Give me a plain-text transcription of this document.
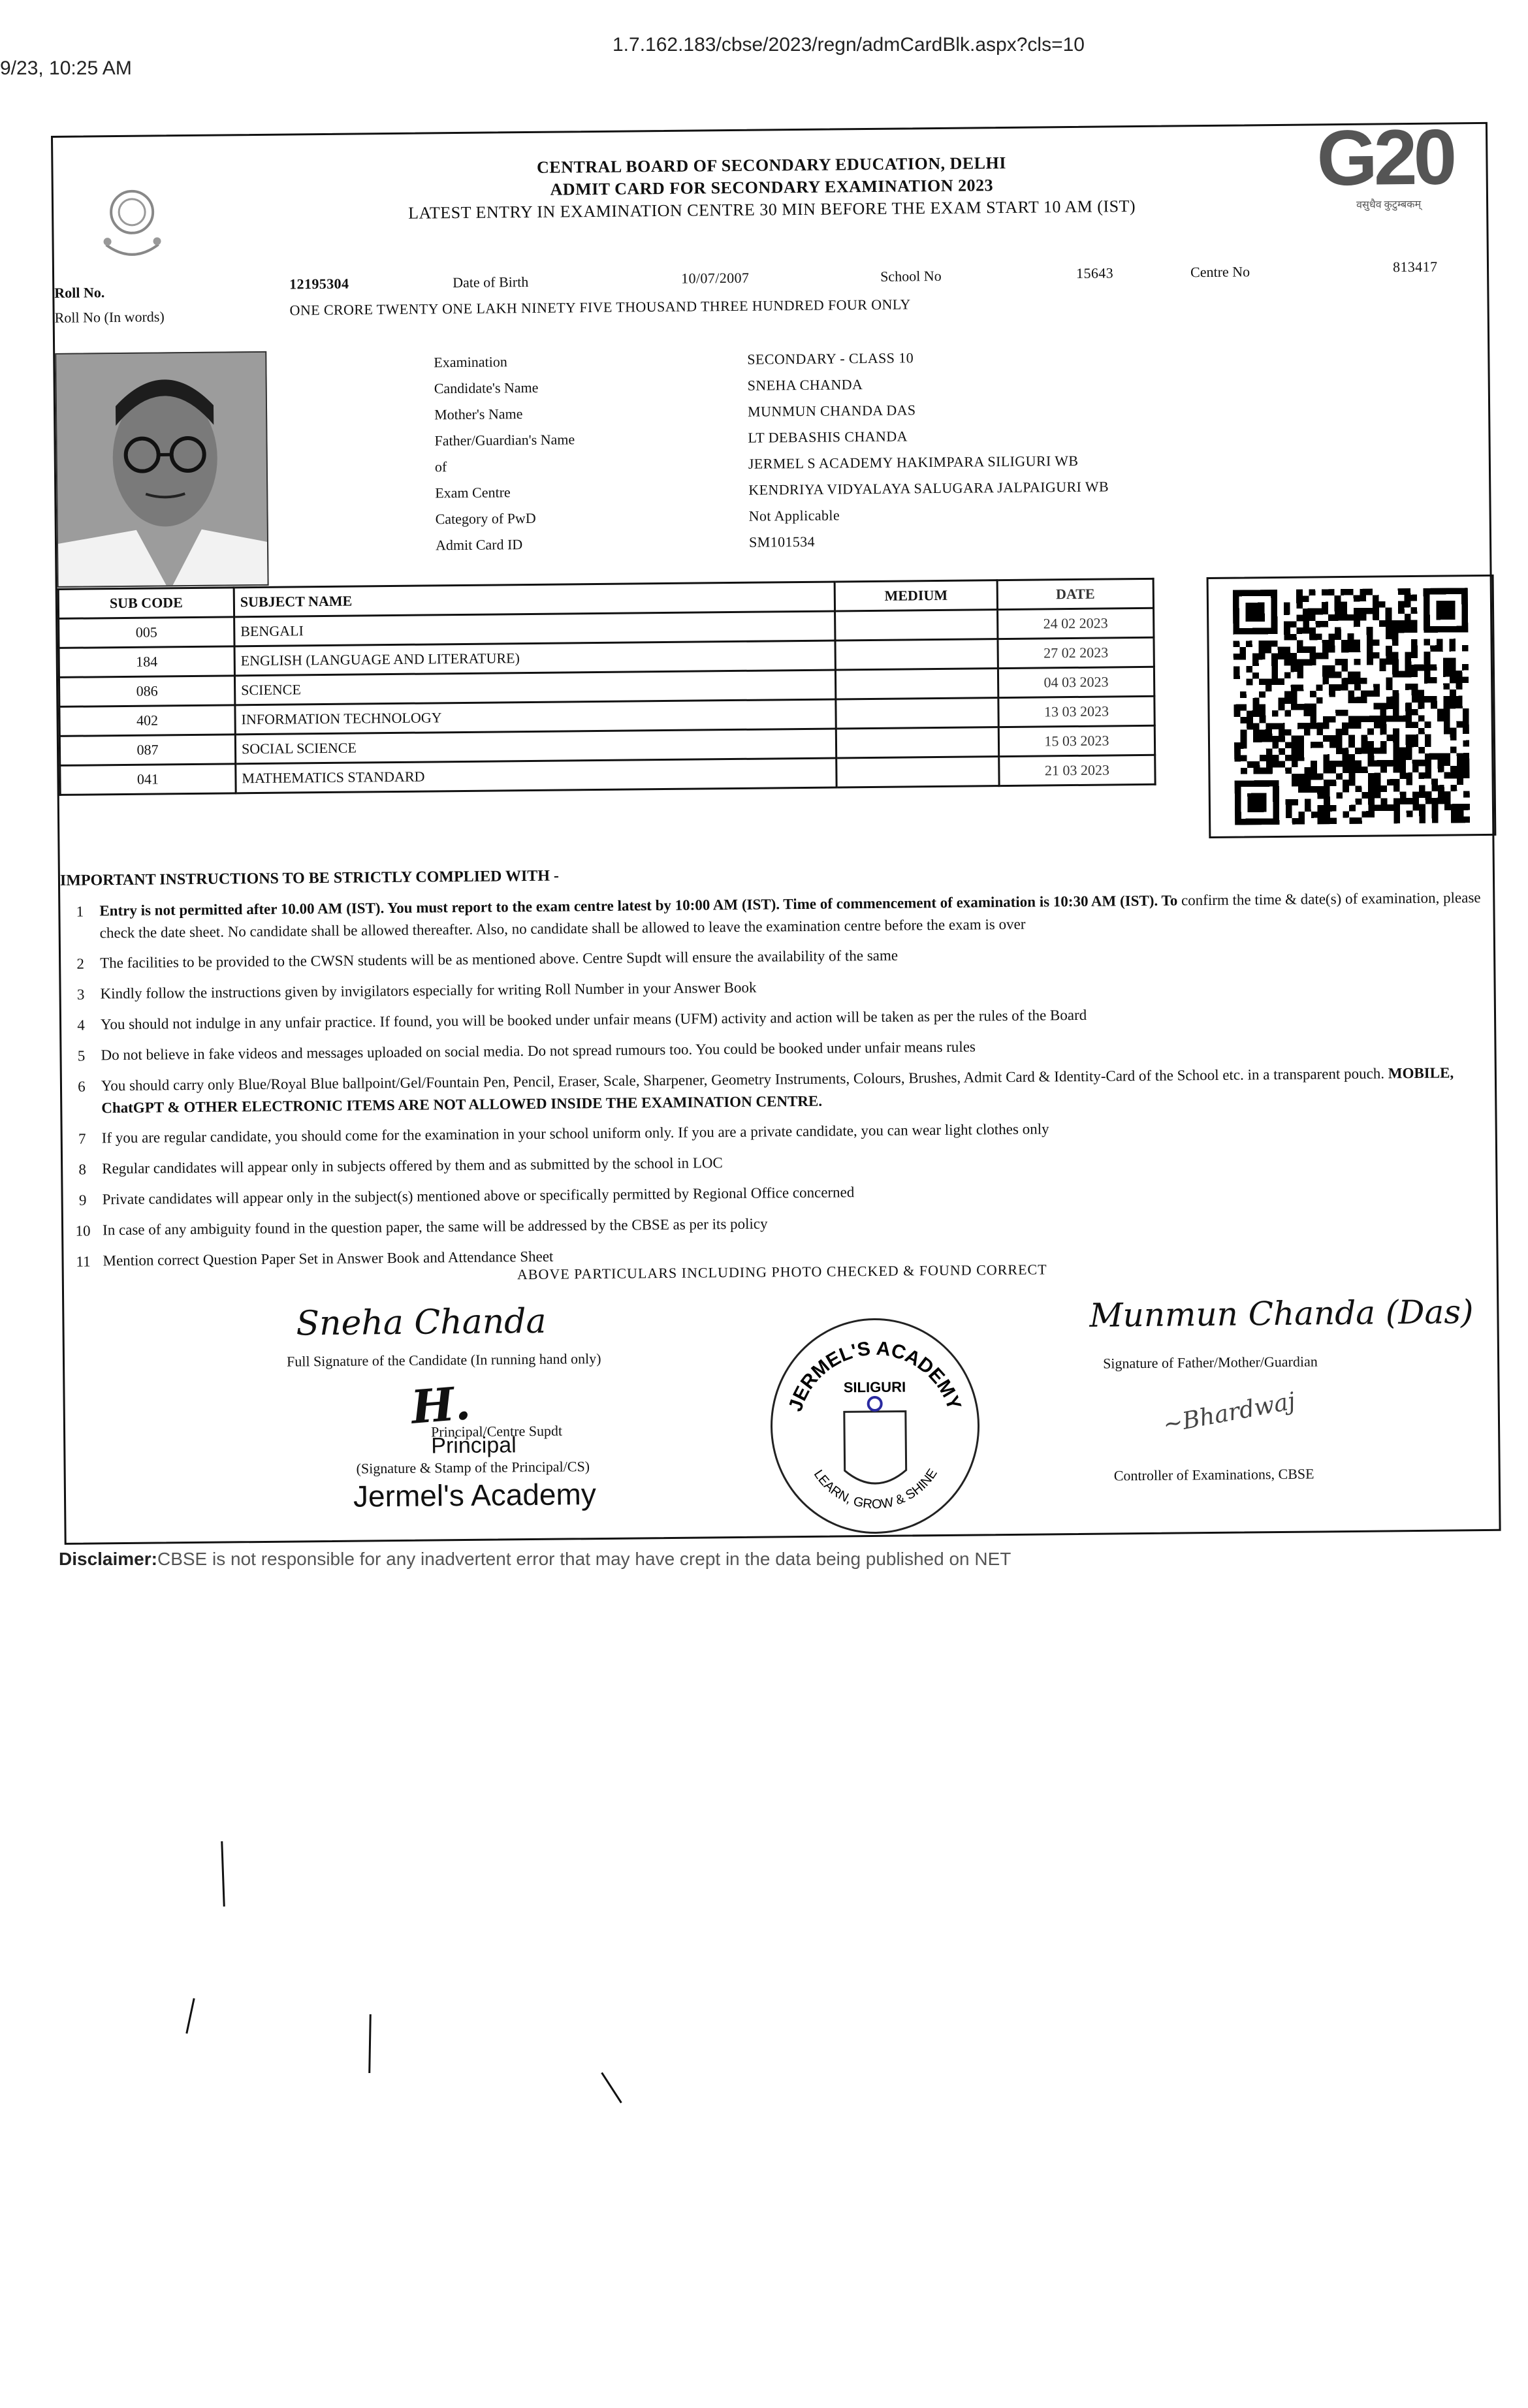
9/23, 10:25 AM
1.7.162.183/cbse/2023/regn/admCardBlk.aspx?cls=10
G20
वसुधैव कुटुम्बकम्
CENTRAL BOARD OF SECONDARY EDUCATION, DELHI
ADMIT CARD FOR SECONDARY EXAMINATION 2023
LATEST ENTRY IN EXAMINATION CENTRE 30 MIN BEFORE THE EXAM START 10 AM (IST)
Roll No.
12195304	Date of Birth	10/07/2007	School No	15643	Centre No	813417
Roll No (In words)	ONE CRORE TWENTY ONE LAKH NINETY FIVE THOUSAND THREE HUNDRED FOUR ONLY
Examination	SECONDARY - CLASS 10
Candidate's Name	SNEHA CHANDA
Mother's Name	MUNMUN CHANDA DAS
Father/Guardian's Name	LT DEBASHIS CHANDA
of	JERMEL S ACADEMY HAKIMPARA SILIGURI WB
Exam Centre	KENDRIYA VIDYALAYA SALUGARA JALPAIGURI WB
Category of PwD	Not Applicable
Admit Card ID	SM101534
SUB CODE	SUBJECT NAME	MEDIUM	DATE
005	BENGALI		24 02 2023
184	ENGLISH (LANGUAGE AND LITERATURE)		27 02 2023
086	SCIENCE		04 03 2023
402	INFORMATION TECHNOLOGY		13 03 2023
087	SOCIAL SCIENCE		15 03 2023
041	MATHEMATICS STANDARD		21 03 2023
IMPORTANT INSTRUCTIONS TO BE STRICTLY COMPLIED WITH -
1	Entry is not permitted after 10.00 AM (IST). You must report to the exam centre latest by 10:00 AM (IST). Time of commencement of examination is 10:30 AM (IST). To confirm the time & date(s) of examination, please check the date sheet. No candidate shall be allowed thereafter. Also, no candidate shall be allowed to leave the examination centre before the exam is over
2	The facilities to be provided to the CWSN students will be as mentioned above. Centre Supdt will ensure the availability of the same
3	Kindly follow the instructions given by invigilators especially for writing Roll Number in your Answer Book
4	You should not indulge in any unfair practice. If found, you will be booked under unfair means (UFM) activity and action will be taken as per the rules of the Board
5	Do not believe in fake videos and messages uploaded on social media. Do not spread rumours too. You could be booked under unfair means rules
6	You should carry only Blue/Royal Blue ballpoint/Gel/Fountain Pen, Pencil, Eraser, Scale, Sharpener, Geometry Instruments, Colours, Brushes, Admit Card & Identity-Card of the School etc. in a transparent pouch. MOBILE, ChatGPT & OTHER ELECTRONIC ITEMS ARE NOT ALLOWED INSIDE THE EXAMINATION CENTRE.
7	If you are regular candidate, you should come for the examination in your school uniform only. If you are a private candidate, you can wear light clothes only
8	Regular candidates will appear only in subjects offered by them and as submitted by the school in LOC
9	Private candidates will appear only in the subject(s) mentioned above or specifically permitted by Regional Office concerned
10 In case of any ambiguity found in the question paper, the same will be addressed by the CBSE as per its policy
11 Mention correct Question Paper Set in Answer Book and Attendance Sheet
ABOVE PARTICULARS INCLUDING PHOTO CHECKED & FOUND CORRECT
Sneha Chanda
Full Signature of the Candidate (In running hand only)
H.
Principal/Centre Supdt
Principal
(Signature & Stamp of the Principal/CS)
Jermel's Academy
JERMEL'S ACADEMY
SILIGURI
LEARN, GROW & SHINE
Munmun Chanda (Das)
Signature of Father/Mother/Guardian
~Bhardwaj
Controller of Examinations, CBSE
Disclaimer:CBSE is not responsible for any inadvertent error that may have crept in the data being published on NET
